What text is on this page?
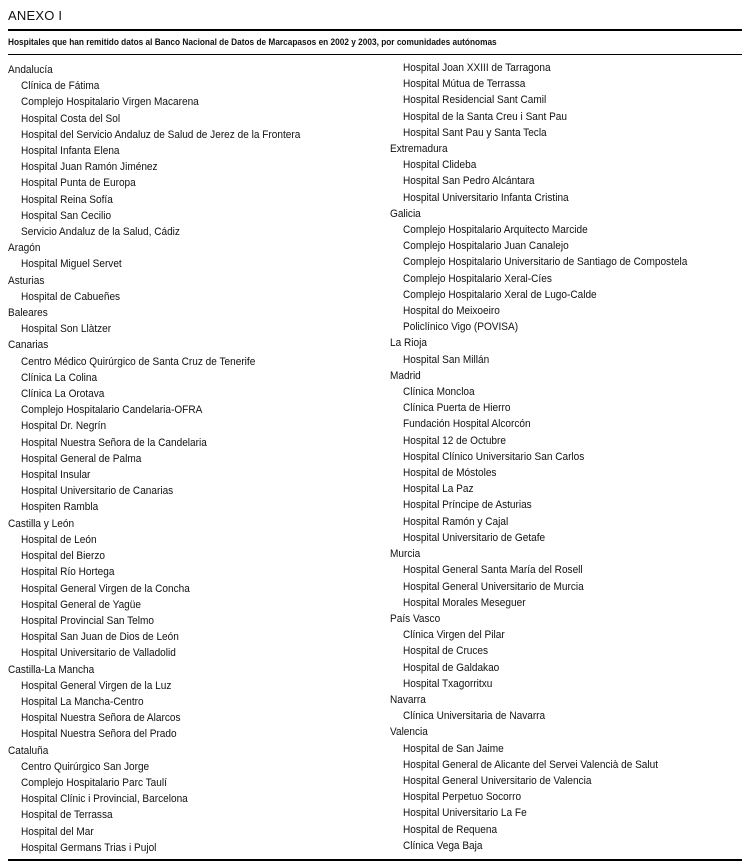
ANEXO I
Hospitales que han remitido datos al Banco Nacional de Datos de Marcapasos en 2002 y 2003, por comunidades autónomas
Andalucía
Clínica de Fátima
Complejo Hospitalario Virgen Macarena
Hospital Costa del Sol
Hospital del Servicio Andaluz de Salud de Jerez de la Frontera
Hospital Infanta Elena
Hospital Juan Ramón Jiménez
Hospital Punta de Europa
Hospital Reina Sofía
Hospital San Cecilio
Servicio Andaluz de la Salud, Cádiz
Aragón
Hospital Miguel Servet
Asturias
Hospital de Cabueñes
Baleares
Hospital Son Llàtzer
Canarias
Centro Médico Quirúrgico de Santa Cruz de Tenerife
Clínica La Colina
Clínica La Orotava
Complejo Hospitalario Candelaria-OFRA
Hospital Dr. Negrín
Hospital Nuestra Señora de la Candelaria
Hospital General de Palma
Hospital Insular
Hospital Universitario de Canarias
Hospiten Rambla
Castilla y León
Hospital de León
Hospital del Bierzo
Hospital Río Hortega
Hospital General Virgen de la Concha
Hospital General de Yagüe
Hospital Provincial San Telmo
Hospital San Juan de Dios de León
Hospital Universitario de Valladolid
Castilla-La Mancha
Hospital General Virgen de la Luz
Hospital La Mancha-Centro
Hospital Nuestra Señora de Alarcos
Hospital Nuestra Señora del Prado
Cataluña
Centro Quirúrgico San Jorge
Complejo Hospitalario Parc Taulí
Hospital Clínic i Provincial, Barcelona
Hospital de Terrassa
Hospital del Mar
Hospital Germans Trias i Pujol
Hospital Joan XXIII de Tarragona
Hospital Mútua de Terrassa
Hospital Residencial Sant Camil
Hospital de la Santa Creu i Sant Pau
Hospital Sant Pau y Santa Tecla
Extremadura
Hospital Clideba
Hospital San Pedro Alcántara
Hospital Universitario Infanta Cristina
Galicia
Complejo Hospitalario Arquitecto Marcide
Complejo Hospitalario Juan Canalejo
Complejo Hospitalario Universitario de Santiago de Compostela
Complejo Hospitalario Xeral-Cíes
Complejo Hospitalario Xeral de Lugo-Calde
Hospital do Meixoeiro
Policlínico Vigo (POVISA)
La Rioja
Hospital San Millán
Madrid
Clínica Moncloa
Clínica Puerta de Hierro
Fundación Hospital Alcorcón
Hospital 12 de Octubre
Hospital Clínico Universitario San Carlos
Hospital de Móstoles
Hospital La Paz
Hospital Príncipe de Asturias
Hospital Ramón y Cajal
Hospital Universitario de Getafe
Murcia
Hospital General Santa María del Rosell
Hospital General Universitario de Murcia
Hospital Morales Meseguer
País Vasco
Clínica Virgen del Pilar
Hospital de Cruces
Hospital de Galdakao
Hospital Txagorritxu
Navarra
Clínica Universitaria de Navarra
Valencia
Hospital de San Jaime
Hospital General de Alicante del Servei Valencià de Salut
Hospital General Universitario de Valencia
Hospital Perpetuo Socorro
Hospital Universitario La Fe
Hospital de Requena
Clínica Vega Baja
